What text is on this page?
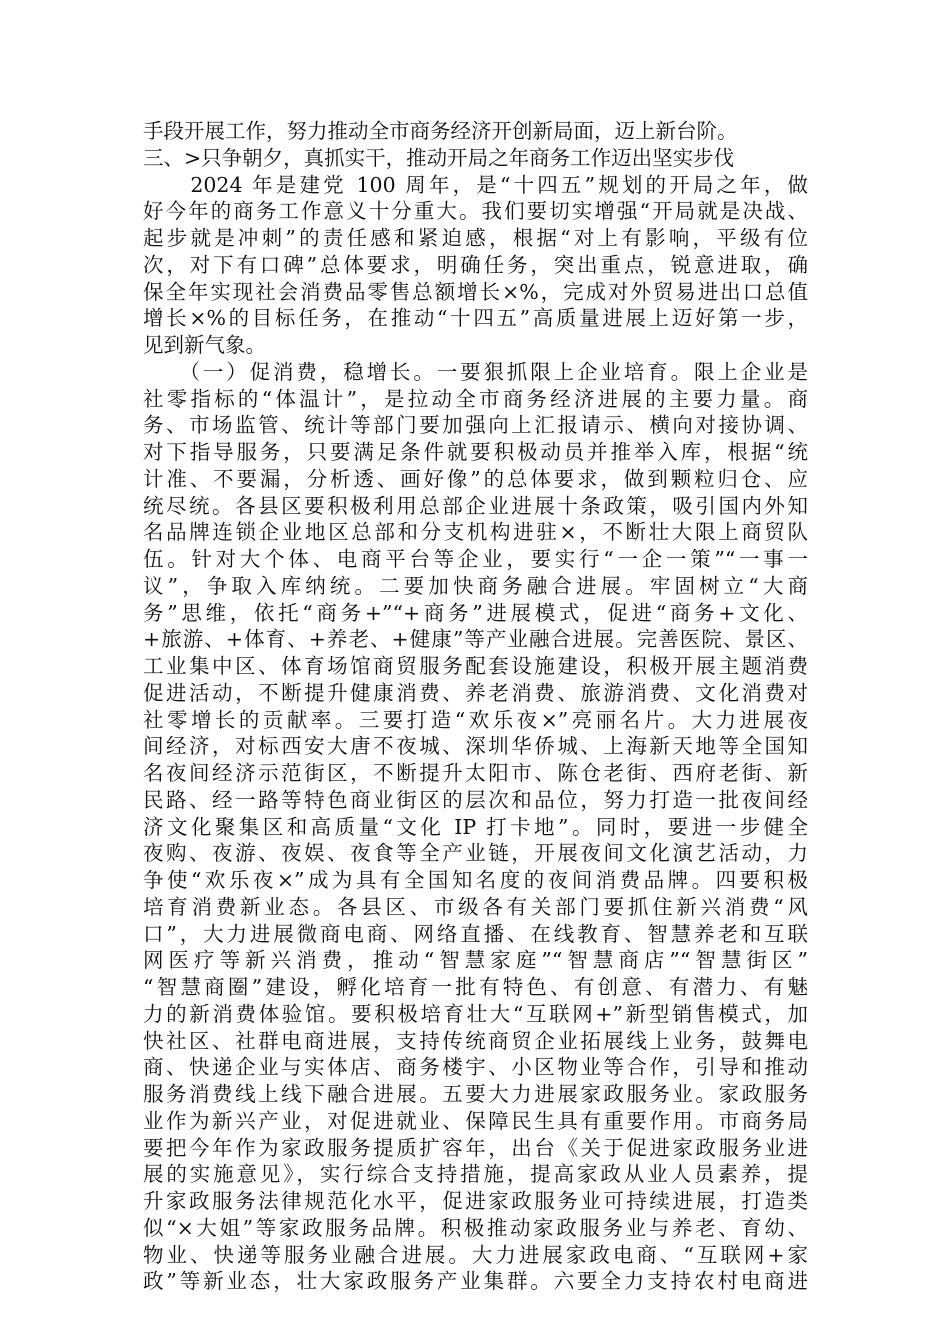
手段开展工作，努力推动全市商务经济开创新局面，迈上新台阶。
三、>只争朝夕，真抓实干，推动开局之年商务工作迈出坚实步伐
　　2024 年是建党 100 周年，是“十四五”规划的开局之年，做
好今年的商务工作意义十分重大。我们要切实增强“开局就是决战、
起步就是冲刺”的责任感和紧迫感，根据“对上有影响，平级有位
次，对下有口碑”总体要求，明确任务，突出重点，锐意进取，确
保全年实现社会消费品零售总额增长×%，完成对外贸易进出口总值
增长×%的目标任务，在推动“十四五”高质量进展上迈好第一步，
见到新气象。
　　（一）促消费，稳增长。一要狠抓限上企业培育。限上企业是
社零指标的“体温计”，是拉动全市商务经济进展的主要力量。商
务、市场监管、统计等部门要加强向上汇报请示、横向对接协调、
对下指导服务，只要满足条件就要积极动员并推举入库，根据“统
计准、不要漏，分析透、画好像”的总体要求，做到颗粒归仓、应
统尽统。各县区要积极利用总部企业进展十条政策，吸引国内外知
名品牌连锁企业地区总部和分支机构进驻×，不断壮大限上商贸队
伍。针对大个体、电商平台等企业，要实行“一企一策”“一事一
议”，争取入库纳统。二要加快商务融合进展。牢固树立“大商
务”思维，依托“商务+”“+商务”进展模式，促进“商务+文化、
+旅游、+体育、+养老、+健康”等产业融合进展。完善医院、景区、
工业集中区、体育场馆商贸服务配套设施建设，积极开展主题消费
促进活动，不断提升健康消费、养老消费、旅游消费、文化消费对
社零增长的贡献率。三要打造“欢乐夜×”亮丽名片。大力进展夜
间经济，对标西安大唐不夜城、深圳华侨城、上海新天地等全国知
名夜间经济示范街区，不断提升太阳市、陈仓老街、西府老街、新
民路、经一路等特色商业街区的层次和品位，努力打造一批夜间经
济文化聚集区和高质量“文化 IP 打卡地”。同时，要进一步健全
夜购、夜游、夜娱、夜食等全产业链，开展夜间文化演艺活动，力
争使“欢乐夜×”成为具有全国知名度的夜间消费品牌。四要积极
培育消费新业态。各县区、市级各有关部门要抓住新兴消费“风
口”，大力进展微商电商、网络直播、在线教育、智慧养老和互联
网医疗等新兴消费，推动“智慧家庭”“智慧商店”“智慧街区”
“智慧商圈”建设，孵化培育一批有特色、有创意、有潜力、有魅
力的新消费体验馆。要积极培育壮大“互联网+”新型销售模式，加
快社区、社群电商进展，支持传统商贸企业拓展线上业务，鼓舞电
商、快递企业与实体店、商务楼宇、小区物业等合作，引导和推动
服务消费线上线下融合进展。五要大力进展家政服务业。家政服务
业作为新兴产业，对促进就业、保障民生具有重要作用。市商务局
要把今年作为家政服务提质扩容年，出台《关于促进家政服务业进
展的实施意见》，实行综合支持措施，提高家政从业人员素养，提
升家政服务法律规范化水平，促进家政服务业可持续进展，打造类
似“×大姐”等家政服务品牌。积极推动家政服务业与养老、育幼、
物业、快递等服务业融合进展。大力进展家政电商、“互联网+家
政”等新业态，壮大家政服务产业集群。六要全力支持农村电商进
